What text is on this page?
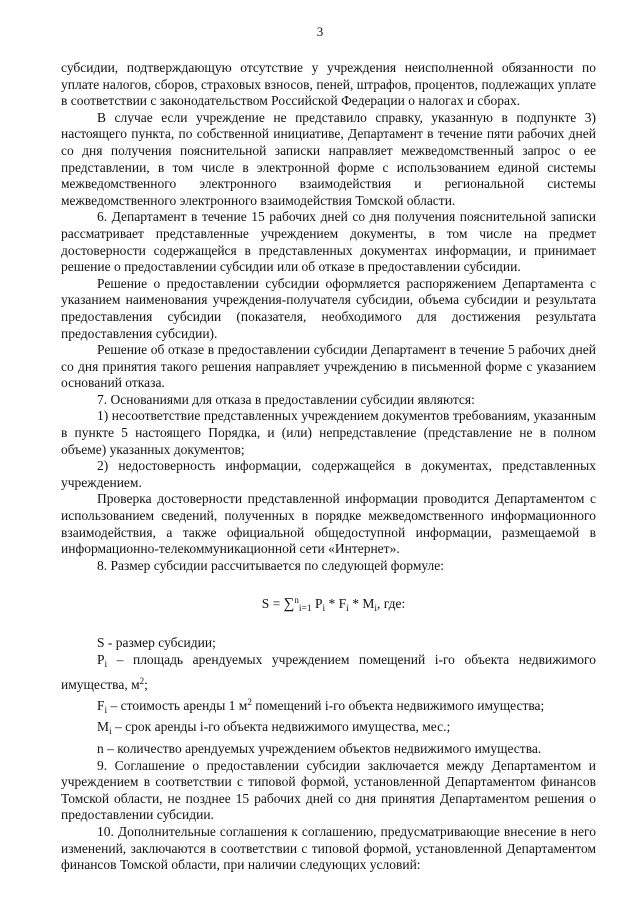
3

субсидии, подтверждающую отсутствие у учреждения неисполненной обязанности по уплате налогов, сборов, страховых взносов, пеней, штрафов, процентов, подлежащих уплате в соответствии с законодательством Российской Федерации о налогах и сборах.

В случае если учреждение не представило справку, указанную в подпункте 3) настоящего пункта, по собственной инициативе, Департамент в течение пяти рабочих дней со дня получения пояснительной записки направляет межведомственный запрос о ее представлении, в том числе в электронной форме с использованием единой системы межведомственного электронного взаимодействия и региональной системы межведомственного электронного взаимодействия Томской области.

6. Департамент в течение 15 рабочих дней со дня получения пояснительной записки рассматривает представленные учреждением документы, в том числе на предмет достоверности содержащейся в представленных документах информации, и принимает решение о предоставлении субсидии или об отказе в предоставлении субсидии.

Решение о предоставлении субсидии оформляется распоряжением Департамента с указанием наименования учреждения-получателя субсидии, объема субсидии и результата предоставления субсидии (показателя, необходимого для достижения результата предоставления субсидии).

Решение об отказе в предоставлении субсидии Департамент в течение 5 рабочих дней со дня принятия такого решения направляет учреждению в письменной форме с указанием оснований отказа.

7. Основаниями для отказа в предоставлении субсидии являются:

1) несоответствие представленных учреждением документов требованиям, указанным в пункте 5 настоящего Порядка, и (или) непредставление (представление не в полном объеме) указанных документов;

2) недостоверность информации, содержащейся в документах, представленных учреждением.

Проверка достоверности представленной информации проводится Департаментом с использованием сведений, полученных в порядке межведомственного информационного взаимодействия, а также официальной общедоступной информации, размещаемой в информационно-телекоммуникационной сети «Интернет».

8. Размер субсидии рассчитывается по следующей формуле:

S = ∑$^n_{i=1}$ $P_i * F_i * M_i$, где:

S - размер субсидии;

$P_i$ – площадь арендуемых учреждением помещений i-го объекта недвижимого имущества, $м^2$;

$F_i$ – стоимость аренды 1 $м^2$ помещений i-го объекта недвижимого имущества;

$M_i$ – срок аренды i-го объекта недвижимого имущества, мес.;

n – количество арендуемых учреждением объектов недвижимого имущества.

9. Соглашение о предоставлении субсидии заключается между Департаментом и учреждением в соответствии с типовой формой, установленной Департаментом финансов Томской области, не позднее 15 рабочих дней со дня принятия Департаментом решения о предоставлении субсидии.

10. Дополнительные соглашения к соглашению, предусматривающие внесение в него изменений, заключаются в соответствии с типовой формой, установленной Департаментом финансов Томской области, при наличии следующих условий:
